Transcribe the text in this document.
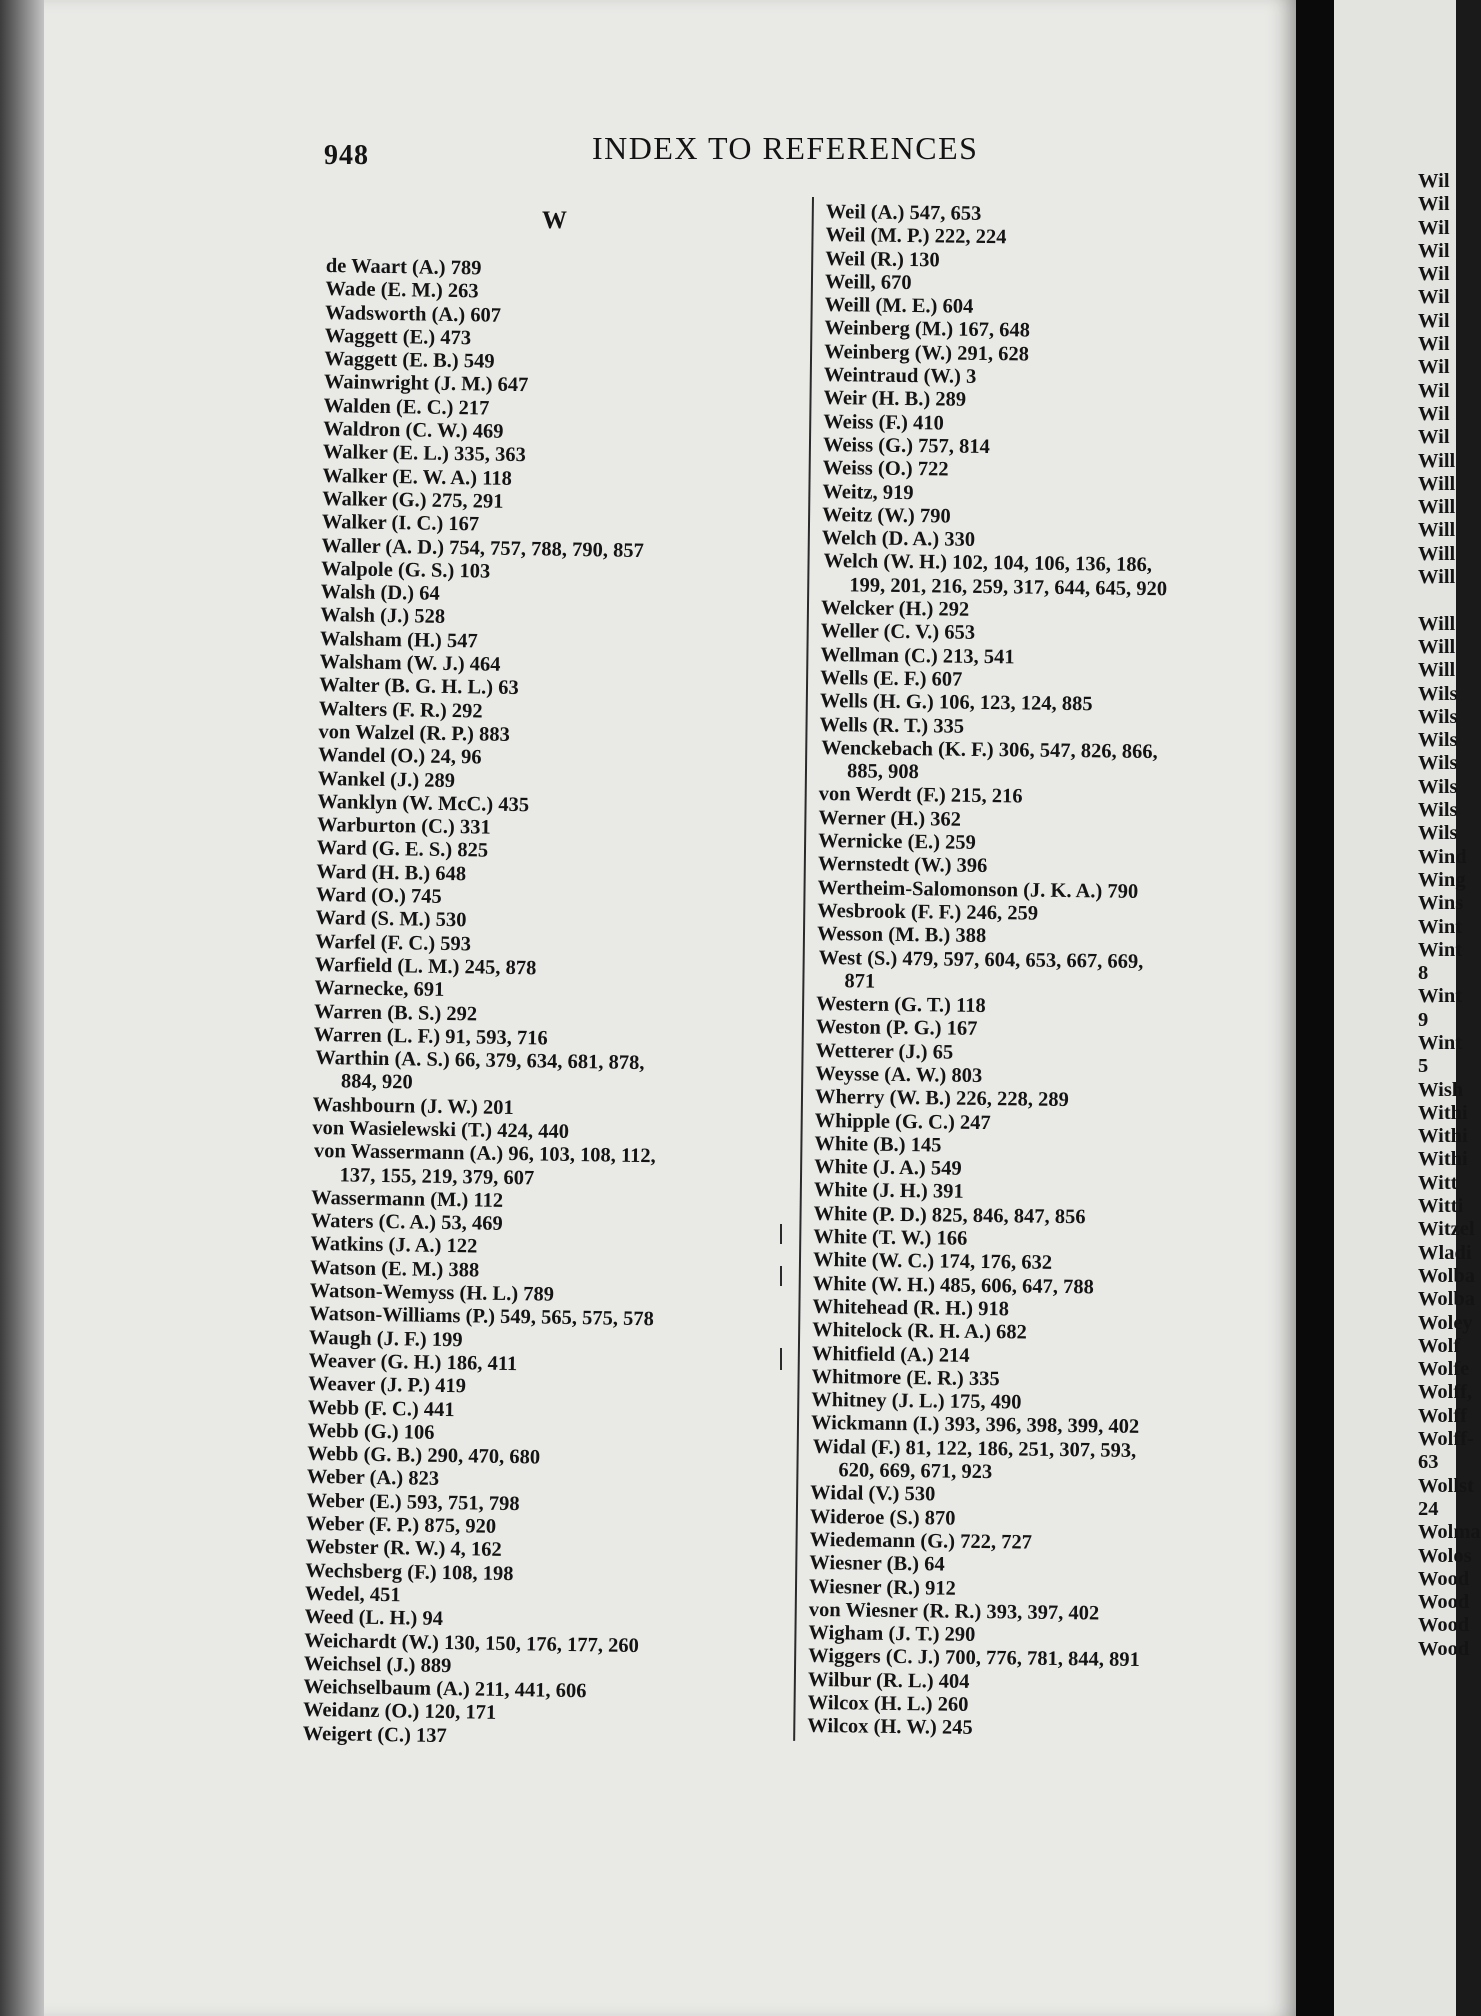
948	INDEX TO REFERENCES
W
de Waart (A.) 789
Wade (E. M.) 263
Wadsworth (A.) 607
Waggett (E.) 473
Waggett (E. B.) 549
Wainwright (J. M.) 647
Walden (E. C.) 217
Waldron (C. W.) 469
Walker (E. L.) 335, 363
Walker (E. W. A.) 118
Walker (G.) 275, 291
Walker (I. C.) 167
Waller (A. D.) 754, 757, 788, 790, 857
Walpole (G. S.) 103
Walsh (D.) 64
Walsh (J.) 528
Walsham (H.) 547
Walsham (W. J.) 464
Walter (B. G. H. L.) 63
Walters (F. R.) 292
von Walzel (R. P.) 883
Wandel (O.) 24, 96
Wankel (J.) 289
Wanklyn (W. McC.) 435
Warburton (C.) 331
Ward (G. E. S.) 825
Ward (H. B.) 648
Ward (O.) 745
Ward (S. M.) 530
Warfel (F. C.) 593
Warfield (L. M.) 245, 878
Warnecke, 691
Warren (B. S.) 292
Warren (L. F.) 91, 593, 716
Warthin (A. S.) 66, 379, 634, 681, 878,
884, 920
Washbourn (J. W.) 201
von Wasielewski (T.) 424, 440
von Wassermann (A.) 96, 103, 108, 112,
137, 155, 219, 379, 607
Wassermann (M.) 112
Waters (C. A.) 53, 469
Watkins (J. A.) 122
Watson (E. M.) 388
Watson-Wemyss (H. L.) 789
Watson-Williams (P.) 549, 565, 575, 578
Waugh (J. F.) 199
Weaver (G. H.) 186, 411
Weaver (J. P.) 419
Webb (F. C.) 441
Webb (G.) 106
Webb (G. B.) 290, 470, 680
Weber (A.) 823
Weber (E.) 593, 751, 798
Weber (F. P.) 875, 920
Webster (R. W.) 4, 162
Wechsberg (F.) 108, 198
Wedel, 451
Weed (L. H.) 94
Weichardt (W.) 130, 150, 176, 177, 260
Weichsel (J.) 889
Weichselbaum (A.) 211, 441, 606
Weidanz (O.) 120, 171
Weigert (C.) 137
Weil (A.) 547, 653
Weil (M. P.) 222, 224
Weil (R.) 130
Weill, 670
Weill (M. E.) 604
Weinberg (M.) 167, 648
Weinberg (W.) 291, 628
Weintraud (W.) 3
Weir (H. B.) 289
Weiss (F.) 410
Weiss (G.) 757, 814
Weiss (O.) 722
Weitz, 919
Weitz (W.) 790
Welch (D. A.) 330
Welch (W. H.) 102, 104, 106, 136, 186,
199, 201, 216, 259, 317, 644, 645, 920
Welcker (H.) 292
Weller (C. V.) 653
Wellman (C.) 213, 541
Wells (E. F.) 607
Wells (H. G.) 106, 123, 124, 885
Wells (R. T.) 335
Wenckebach (K. F.) 306, 547, 826, 866,
885, 908
von Werdt (F.) 215, 216
Werner (H.) 362
Wernicke (E.) 259
Wernstedt (W.) 396
Wertheim-Salomonson (J. K. A.) 790
Wesbrook (F. F.) 246, 259
Wesson (M. B.) 388
West (S.) 479, 597, 604, 653, 667, 669,
871
Western (G. T.) 118
Weston (P. G.) 167
Wetterer (J.) 65
Weysse (A. W.) 803
Wherry (W. B.) 226, 228, 289
Whipple (G. C.) 247
White (B.) 145
White (J. A.) 549
White (J. H.) 391
White (P. D.) 825, 846, 847, 856
White (T. W.) 166
White (W. C.) 174, 176, 632
White (W. H.) 485, 606, 647, 788
Whitehead (R. H.) 918
Whitelock (R. H. A.) 682
Whitfield (A.) 214
Whitmore (E. R.) 335
Whitney (J. L.) 175, 490
Wickmann (I.) 393, 396, 398, 399, 402
Widal (F.) 81, 122, 186, 251, 307, 593,
620, 669, 671, 923
Widal (V.) 530
Wideroe (S.) 870
Wiedemann (G.) 722, 727
Wiesner (B.) 64
Wiesner (R.) 912
von Wiesner (R. R.) 393, 397, 402
Wigham (J. T.) 290
Wiggers (C. J.) 700, 776, 781, 844, 891
Wilbur (R. L.) 404
Wilcox (H. L.) 260
Wilcox (H. W.) 245
Wil
Wil
Wil
Wil
Wil
Wil
Wil
Wil
Wil
Wil
Wil
Wil
Will
Will
Will
Will
Will
Will
Will
Will
Will
Wils
Wils
Wils
Wils
Wils
Wils
Wils
Wind
Wing
Wins
Wint
Wint
8
Wint
9
Wint
5
Wish
Withi
Withi
Withi
Witt
Witti
Witzel
Wladi
Wolba
Wolba
Woley
Wolf
Wolfe
Wolff,
Wolff
Wolff-
63
Wollst
24
Wolma
Wolos
Wood
Wood
Wood
Wood
